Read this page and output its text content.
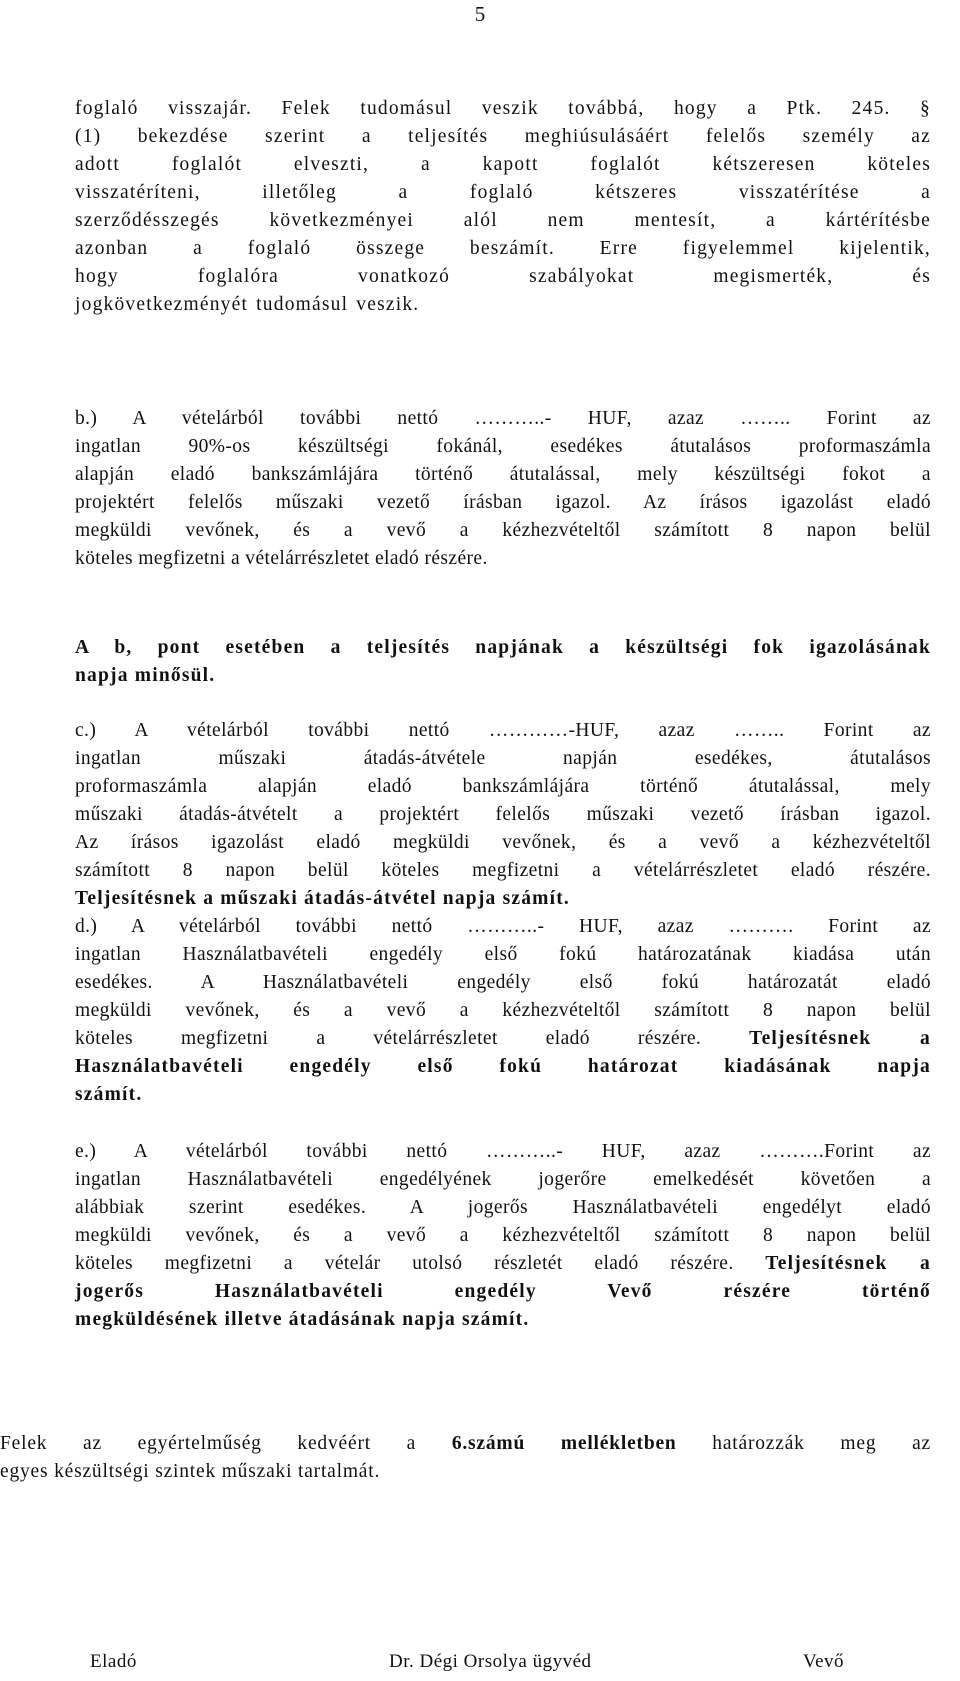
5
foglaló visszajár. Felek tudomásul veszik továbbá, hogy a Ptk. 245. §
(1) bekezdése szerint a teljesítés meghiúsulásáért felelős személy az
adott foglalót elveszti, a kapott foglalót kétszeresen köteles
visszatéríteni, illetőleg a foglaló kétszeres visszatérítése a
szerződésszegés következményei alól nem mentesít, a kártérítésbe
azonban a foglaló összege beszámít. Erre figyelemmel kijelentik,
hogy foglalóra vonatkozó szabályokat megismerték, és
jogkövetkezményét tudomásul veszik.
b.) A vételárból további nettó ………..- HUF, azaz …….. Forint az
ingatlan 90%-os készültségi fokánál, esedékes átutalásos proformaszámla
alapján eladó bankszámlájára történő átutalással, mely készültségi fokot a
projektért felelős műszaki vezető írásban igazol. Az írásos igazolást eladó
megküldi vevőnek, és a vevő a kézhezvételtől számított 8 napon belül
köteles megfizetni a vételárrészletet eladó részére.
A b, pont esetében a teljesítés napjának a készültségi fok igazolásának
napja minősül.
c.) A vételárból további nettó …………-HUF, azaz …….. Forint az
ingatlan műszaki átadás-átvétele napján esedékes, átutalásos
proformaszámla alapján eladó bankszámlájára történő átutalással, mely
műszaki átadás-átvételt a projektért felelős műszaki vezető írásban igazol.
Az írásos igazolást eladó megküldi vevőnek, és a vevő a kézhezvételtől
számított 8 napon belül köteles megfizetni a vételárrészletet eladó részére.
Teljesítésnek a műszaki átadás-átvétel napja számít.
d.) A vételárból további nettó ………..- HUF, azaz ………. Forint az
ingatlan Használatbavételi engedély első fokú határozatának kiadása után
esedékes. A Használatbavételi engedély első fokú határozatát eladó
megküldi vevőnek, és a vevő a kézhezvételtől számított 8 napon belül
köteles megfizetni a vételárrészletet eladó részére. Teljesítésnek a
Használatbavételi engedély első fokú határozat kiadásának napja
számít.
e.) A vételárból további nettó ………..- HUF, azaz ……….Forint az
ingatlan Használatbavételi engedélyének jogerőre emelkedését követően a
alábbiak szerint esedékes. A jogerős Használatbavételi engedélyt eladó
megküldi vevőnek, és a vevő a kézhezvételtől számított 8 napon belül
köteles megfizetni a vételár utolsó részletét eladó részére. Teljesítésnek a
jogerős Használatbavételi engedély Vevő részére történő
megküldésének illetve átadásának napja számít.
Felek az egyértelműség kedvéért a 6.számú mellékletben határozzák meg az
egyes készültségi szintek műszaki tartalmát.
Eladó	Dr. Dégi Orsolya ügyvéd	Vevő
